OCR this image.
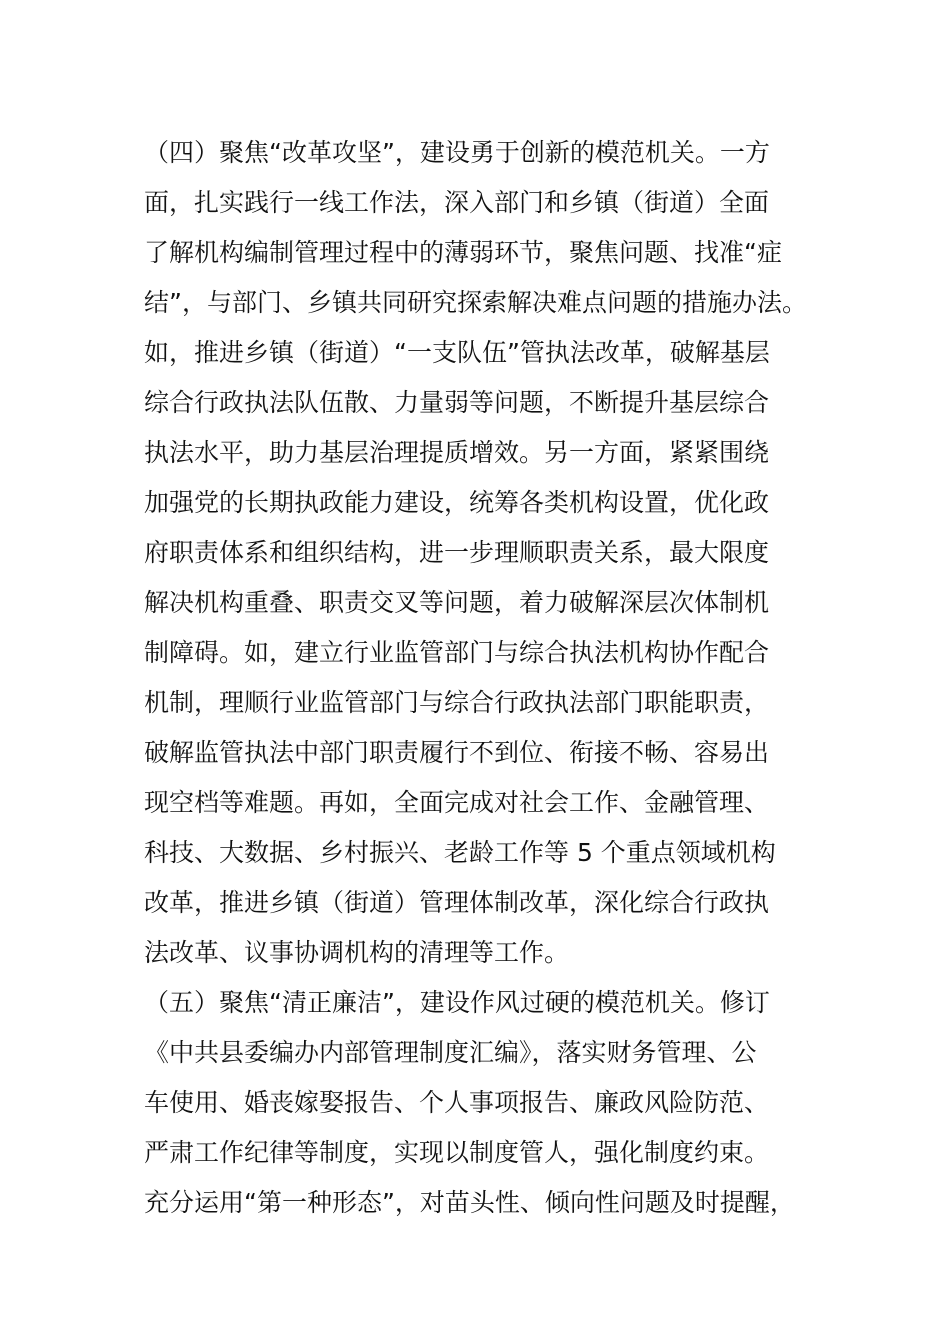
（四）聚焦“改革攻坚”，建设勇于创新的模范机关。一方
面，扎实践行一线工作法，深入部门和乡镇（街道）全面
了解机构编制管理过程中的薄弱环节，聚焦问题、找准“症
结”，与部门、乡镇共同研究探索解决难点问题的措施办法。
如，推进乡镇（街道）“一支队伍”管执法改革，破解基层
综合行政执法队伍散、力量弱等问题，不断提升基层综合
执法水平，助力基层治理提质增效。另一方面，紧紧围绕
加强党的长期执政能力建设，统筹各类机构设置，优化政
府职责体系和组织结构，进一步理顺职责关系，最大限度
解决机构重叠、职责交叉等问题，着力破解深层次体制机
制障碍。如，建立行业监管部门与综合执法机构协作配合
机制，理顺行业监管部门与综合行政执法部门职能职责，
破解监管执法中部门职责履行不到位、衔接不畅、容易出
现空档等难题。再如，全面完成对社会工作、金融管理、
科技、大数据、乡村振兴、老龄工作等 5 个重点领域机构
改革，推进乡镇（街道）管理体制改革，深化综合行政执
法改革、议事协调机构的清理等工作。
（五）聚焦“清正廉洁”，建设作风过硬的模范机关。修订
《中共县委编办内部管理制度汇编》，落实财务管理、公
车使用、婚丧嫁娶报告、个人事项报告、廉政风险防范、
严肃工作纪律等制度，实现以制度管人，强化制度约束。
充分运用“第一种形态”，对苗头性、倾向性问题及时提醒，
